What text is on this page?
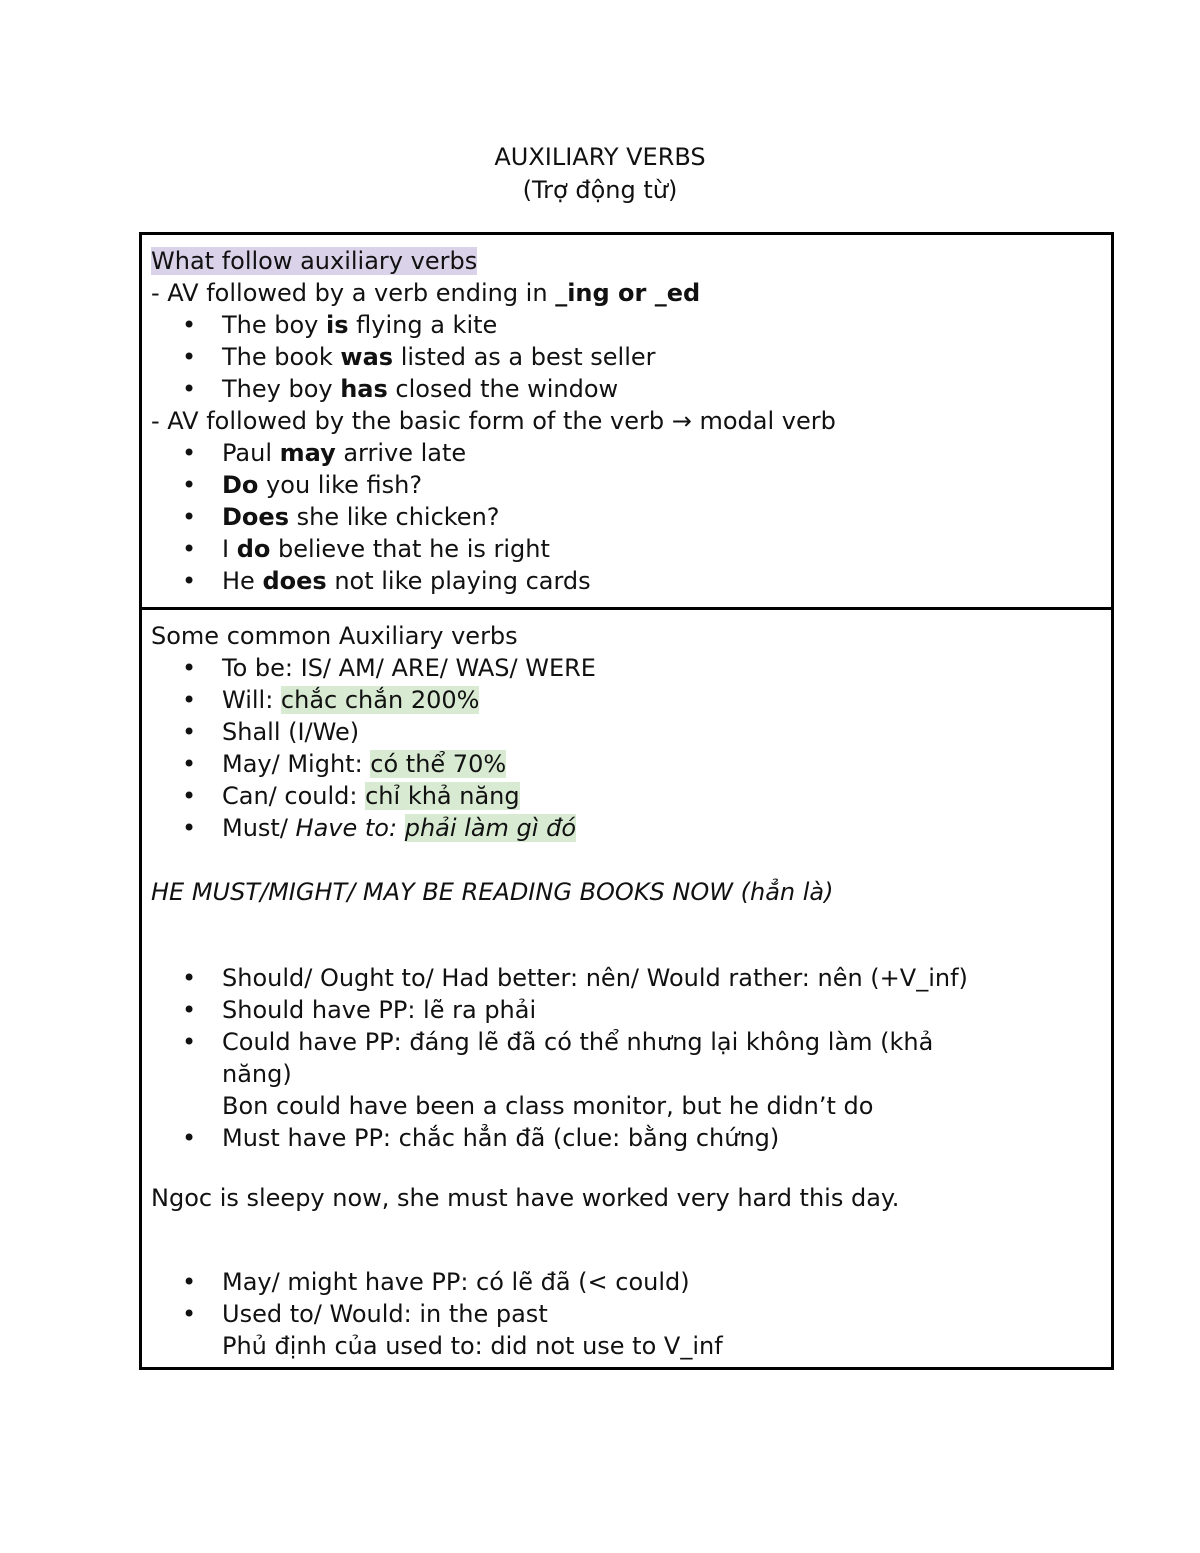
AUXILIARY VERBS
(Trợ động từ)
What follow auxiliary verbs
- AV followed by a verb ending in _ing or _ed
• The boy is flying a kite
• The book was listed as a best seller
• They boy has closed the window
- AV followed by the basic form of the verb → modal verb
• Paul may arrive late
• Do you like fish?
• Does she like chicken?
• I do believe that he is right
• He does not like playing cards
Some common Auxiliary verbs
• To be: IS/ AM/ ARE/ WAS/ WERE
• Will: chắc chắn 200%
• Shall (I/We)
• May/ Might: có thể 70%
• Can/ could: chỉ khả năng
• Must/ Have to: phải làm gì đó
HE MUST/MIGHT/ MAY BE READING BOOKS NOW (hẳn là)
• Should/ Ought to/ Had better: nên/ Would rather: nên (+V_inf)
• Should have PP: lẽ ra phải
• Could have PP: đáng lẽ đã có thể nhưng lại không làm (khả
năng)
Bon could have been a class monitor, but he didn’t do
• Must have PP: chắc hẳn đã (clue: bằng chứng)
Ngoc is sleepy now, she must have worked very hard this day.
• May/ might have PP: có lẽ đã (< could)
• Used to/ Would: in the past
Phủ định của used to: did not use to V_inf
